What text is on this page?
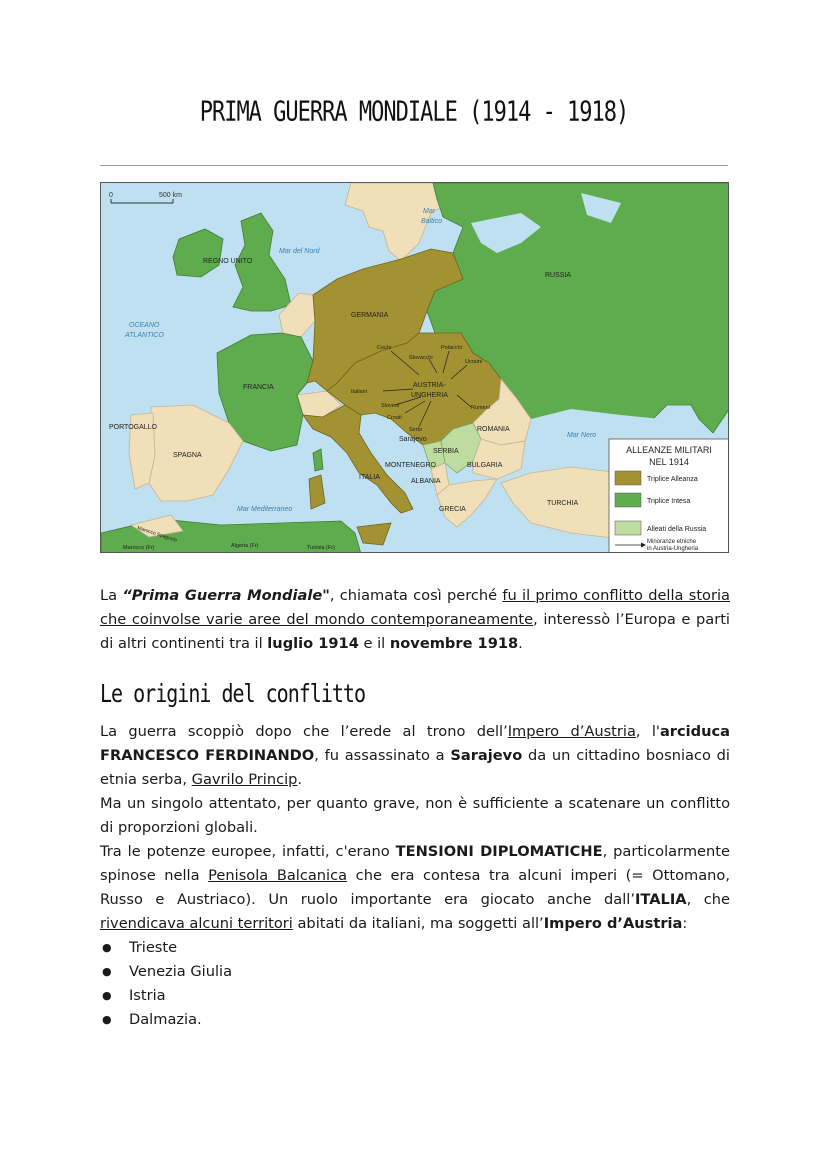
PRIMA GUERRA MONDIALE (1914 - 1918)
0	500 km
Mar
Baltico
Mar del Nord
OCEANO
ATLANTICO
Mar Nero
Mar Mediterraneo
REGNO UNITO
RUSSIA
GERMANIA
FRANCIA	AUSTRIA-
UNGHERIA
PORTOGALLO
SPAGNA
ITALIA
ROMANIA
SERBIA
BULGARIA
MONTENEGRO
ALBANIA
GRECIA
TURCHIA
Sarajevo
Marocco Spagnolo
Marocco (Fr)	Algeria (Fr)	Tunisia (Fr)
Cechi	Polacchi
Slovacchi
Ucraini
Italiani
Sloveni	Rumeni
Croati
Serbi
ALLEANZE MILITARI
NEL 1914
Triplice Alleanza
Triplice Intesa
Alleati della Russia
Minoranze etniche
in Austria-Ungheria

La “Prima Guerra Mondiale", chiamata così perché fu il primo conflitto della storia che coinvolse varie aree del mondo contemporaneamente, interessò l’Europa e parti di altri continenti tra il luglio 1914 e il novembre 1918.

Le origini del conflitto

La guerra scoppiò dopo che l’erede al trono dell’Impero d’Austria, l'arciduca FRANCESCO FERDINANDO, fu assassinato a Sarajevo da un cittadino bosniaco di etnia serba, Gavrilo Princip.

Ma un singolo attentato, per quanto grave, non è sufficiente a scatenare un conflitto di proporzioni globali.

Tra le potenze europee, infatti, c'erano TENSIONI DIPLOMATICHE, particolarmente spinose nella Penisola Balcanica che era contesa tra alcuni imperi (= Ottomano, Russo e Austriaco). Un ruolo importante era giocato anche dall’ITALIA, che rivendicava alcuni territori abitati da italiani, ma soggetti all’Impero d’Austria:

● Trieste
● Venezia Giulia
● Istria
● Dalmazia.
